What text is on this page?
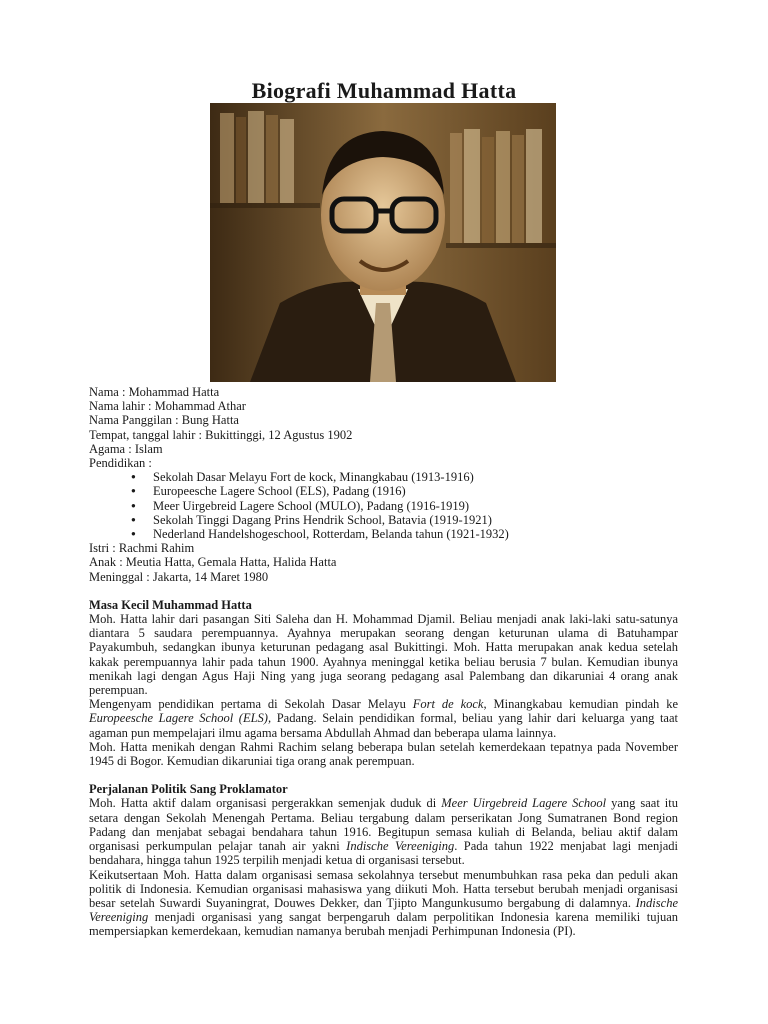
Biografi Muhammad Hatta

Nama : Mohammad Hatta

Nama lahir : Mohammad Athar

Nama Panggilan : Bung Hatta

Tempat, tanggal lahir : Bukittinggi, 12 Agustus 1902

Agama : Islam

Pendidikan :

● Sekolah Dasar Melayu Fort de kock, Minangkabau (1913-1916)
● Europeesche Lagere School (ELS), Padang (1916)
● Meer Uirgebreid Lagere School (MULO), Padang (1916-1919)
● Sekolah Tinggi Dagang Prins Hendrik School, Batavia (1919-1921)
● Nederland Handelshogeschool, Rotterdam, Belanda tahun (1921-1932)

Istri : Rachmi Rahim

Anak : Meutia Hatta, Gemala Hatta, Halida Hatta

Meninggal : Jakarta, 14 Maret 1980

Masa Kecil Muhammad Hatta

Moh. Hatta lahir dari pasangan Siti Saleha dan H. Mohammad Djamil. Beliau menjadi anak laki-laki satu-satunya diantara 5 saudara perempuannya. Ayahnya merupakan seorang dengan keturunan ulama di Batuhampar Payakumbuh, sedangkan ibunya keturunan pedagang asal Bukittingi. Moh. Hatta merupakan anak kedua setelah kakak perempuannya lahir pada tahun 1900. Ayahnya meninggal ketika beliau berusia 7 bulan. Kemudian ibunya menikah lagi dengan Agus Haji Ning yang juga seorang pedagang asal Palembang dan dikaruniai 4 orang anak perempuan.

Mengenyam pendidikan pertama di Sekolah Dasar Melayu Fort de kock, Minangkabau kemudian pindah ke Europeesche Lagere School (ELS), Padang. Selain pendidikan formal, beliau yang lahir dari keluarga yang taat agaman pun mempelajari ilmu agama bersama Abdullah Ahmad dan beberapa ulama lainnya.

Moh. Hatta menikah dengan Rahmi Rachim selang beberapa bulan setelah kemerdekaan tepatnya pada November 1945 di Bogor. Kemudian dikaruniai tiga orang anak perempuan.

Perjalanan Politik Sang Proklamator

Moh. Hatta aktif dalam organisasi pergerakkan semenjak duduk di Meer Uirgebreid Lagere School yang saat itu setara dengan Sekolah Menengah Pertama. Beliau tergabung dalam perserikatan Jong Sumatranen Bond region Padang dan menjabat sebagai bendahara tahun 1916. Begitupun semasa kuliah di Belanda, beliau aktif dalam organisasi perkumpulan pelajar tanah air yakni Indische Vereeniging. Pada tahun 1922 menjabat lagi menjadi bendahara, hingga tahun 1925 terpilih menjadi ketua di organisasi tersebut.

Keikutsertaan Moh. Hatta dalam organisasi semasa sekolahnya tersebut menumbuhkan rasa peka dan peduli akan politik di Indonesia. Kemudian organisasi mahasiswa yang diikuti Moh. Hatta tersebut berubah menjadi organisasi besar setelah Suwardi Suyaningrat, Douwes Dekker, dan Tjipto Mangunkusumo bergabung di dalamnya. Indische Vereeniging menjadi organisasi yang sangat berpengaruh dalam perpolitikan Indonesia karena memiliki tujuan mempersiapkan kemerdekaan, kemudian namanya berubah menjadi Perhimpunan Indonesia (PI).
